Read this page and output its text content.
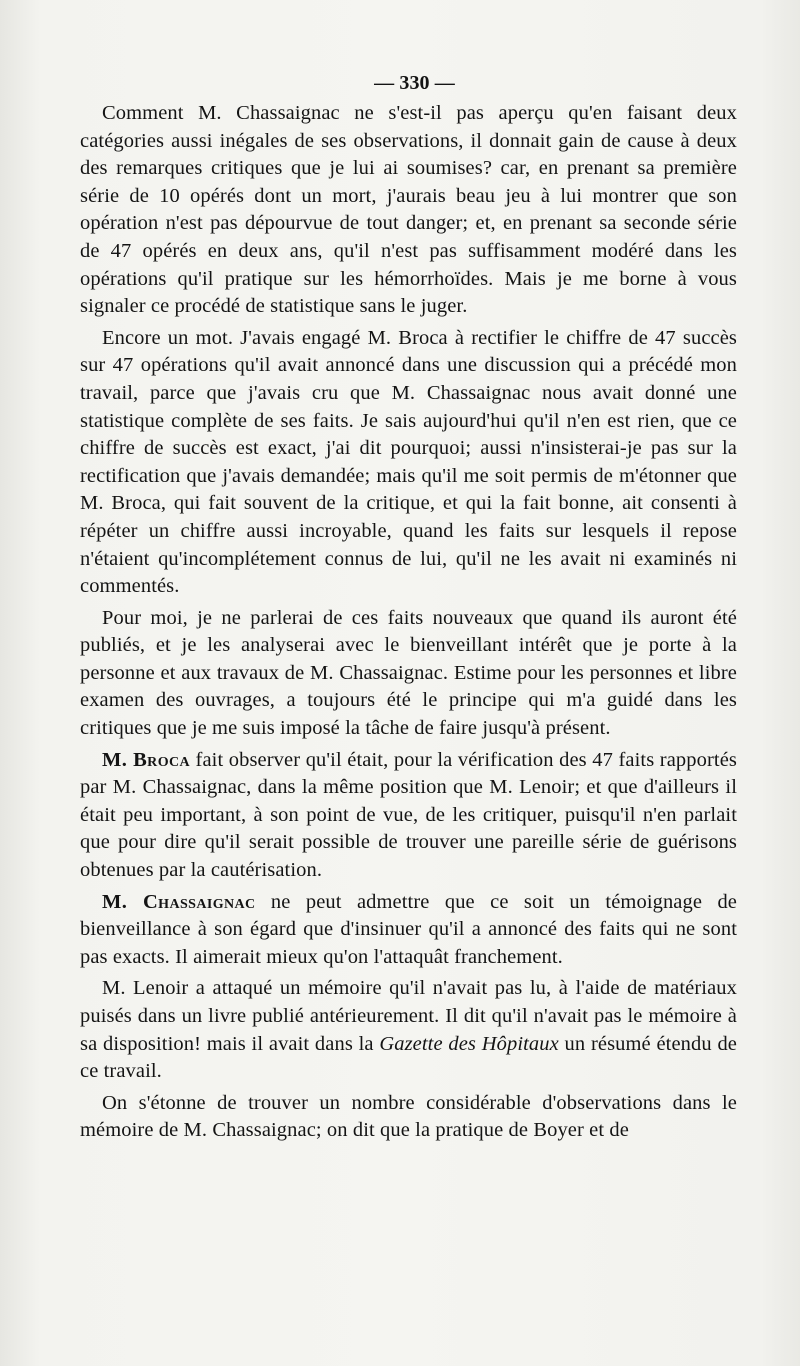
— 330 —

Comment M. Chassaignac ne s'est-il pas aperçu qu'en faisant deux catégories aussi inégales de ses observations, il donnait gain de cause à deux des remarques critiques que je lui ai soumises? car, en prenant sa première série de 10 opérés dont un mort, j'aurais beau jeu à lui montrer que son opération n'est pas dépourvue de tout danger; et, en prenant sa seconde série de 47 opérés en deux ans, qu'il n'est pas suffisamment modéré dans les opérations qu'il pratique sur les hémorrhoïdes. Mais je me borne à vous signaler ce procédé de statistique sans le juger.

Encore un mot. J'avais engagé M. Broca à rectifier le chiffre de 47 succès sur 47 opérations qu'il avait annoncé dans une discussion qui a précédé mon travail, parce que j'avais cru que M. Chassaignac nous avait donné une statistique complète de ses faits. Je sais aujourd'hui qu'il n'en est rien, que ce chiffre de succès est exact, j'ai dit pourquoi; aussi n'insisterai-je pas sur la rectification que j'avais demandée; mais qu'il me soit permis de m'étonner que M. Broca, qui fait souvent de la critique, et qui la fait bonne, ait consenti à répéter un chiffre aussi incroyable, quand les faits sur lesquels il repose n'étaient qu'incomplétement connus de lui, qu'il ne les avait ni examinés ni commentés.

Pour moi, je ne parlerai de ces faits nouveaux que quand ils auront été publiés, et je les analyserai avec le bienveillant intérêt que je porte à la personne et aux travaux de M. Chassaignac. Estime pour les personnes et libre examen des ouvrages, a toujours été le principe qui m'a guidé dans les critiques que je me suis imposé la tâche de faire jusqu'à présent.

M. Broca fait observer qu'il était, pour la vérification des 47 faits rapportés par M. Chassaignac, dans la même position que M. Lenoir; et que d'ailleurs il était peu important, à son point de vue, de les critiquer, puisqu'il n'en parlait que pour dire qu'il serait possible de trouver une pareille série de guérisons obtenues par la cautérisation.

M. Chassaignac ne peut admettre que ce soit un témoignage de bienveillance à son égard que d'insinuer qu'il a annoncé des faits qui ne sont pas exacts. Il aimerait mieux qu'on l'attaquât franchement.

M. Lenoir a attaqué un mémoire qu'il n'avait pas lu, à l'aide de matériaux puisés dans un livre publié antérieurement. Il dit qu'il n'avait pas le mémoire à sa disposition! mais il avait dans la Gazette des Hôpitaux un résumé étendu de ce travail.

On s'étonne de trouver un nombre considérable d'observations dans le mémoire de M. Chassaignac; on dit que la pratique de Boyer et de
